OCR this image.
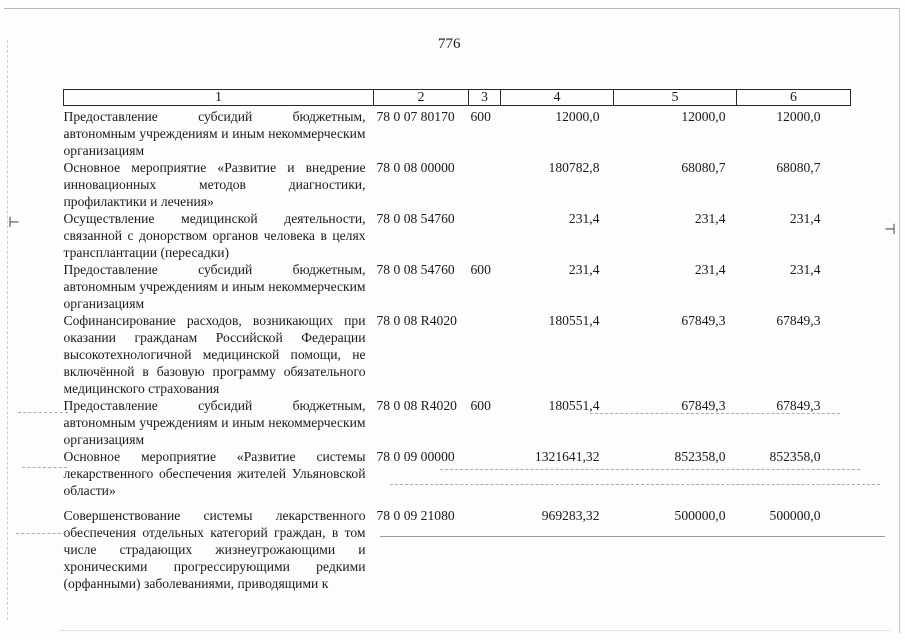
⊢	⊣
776
1	2	3	4	5	6

Предоставление субсидий бюджетным, автономным учреждениям и иным некоммерческим организациям	78 0 07 80170	600	12000,0	12000,0	12000,0
Основное мероприятие «Развитие и внедрение инновационных методов диагностики, профилактики и лечения»	78 0 08 00000		180782,8	68080,7	68080,7
Осуществление медицинской деятельности, связанной с донорством органов человека в целях трансплантации (пересадки)	78 0 08 54760		231,4	231,4	231,4
Предоставление субсидий бюджетным, автономным учреждениям и иным некоммерческим организациям	78 0 08 54760	600	231,4	231,4	231,4
Софинансирование расходов, возникающих при оказании гражданам Российской Федерации высокотехнологичной медицинской помощи, не включённой в базовую программу обязательного медицинского страхования	78 0 08 R4020		180551,4	67849,3	67849,3
Предоставление субсидий бюджетным, автономным учреждениям и иным некоммерческим организациям	78 0 08 R4020	600	180551,4	67849,3	67849,3
Основное мероприятие «Развитие системы лекарственного обеспечения жителей Ульяновской области»	78 0 09 00000		1321641,32	852358,0	852358,0

Совершенствование системы лекарственного обеспечения отдельных категорий граждан, в том числе страдающих жизнеугрожающими и хроническими прогрессирующими редкими (орфанными) заболеваниями, приводящими к	78 0 09 21080		969283,32	500000,0	500000,0
